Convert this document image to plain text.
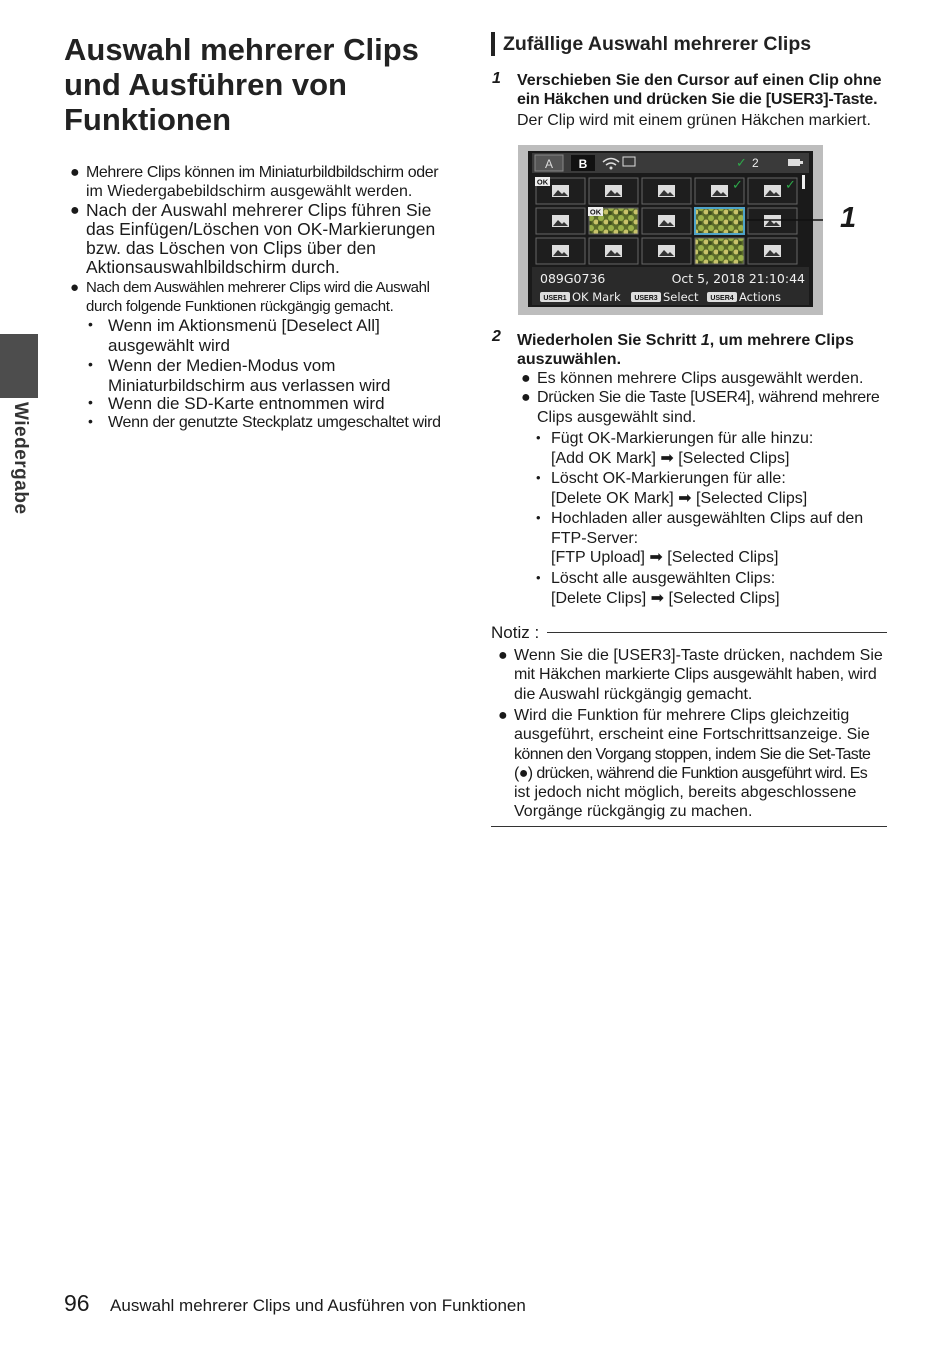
Auswahl mehrerer Clips
und Ausführen von
Funktionen
● Mehrere Clips können im Miniaturbildbildschirm oder
im Wiedergabebildschirm ausgewählt werden.
● Nach der Auswahl mehrerer Clips führen Sie
das Einfügen/Löschen von OK-Markierungen
bzw. das Löschen von Clips über den
Aktionsauswahlbildschirm durch.
● Nach dem Auswählen mehrerer Clips wird die Auswahl
durch folgende Funktionen rückgängig gemacht.
• Wenn im Aktionsmenü [Deselect All]
ausgewählt wird
• Wenn der Medien-Modus vom
Miniaturbildschirm aus verlassen wird
• Wenn die SD-Karte entnommen wird
• Wenn der genutzte Steckplatz umgeschaltet wird
Wiedergabe
Zufällige Auswahl mehrerer Clips
1 Verschieben Sie den Cursor auf einen Clip ohne
ein Häkchen und drücken Sie die [USER3]-Taste.
Der Clip wird mit einem grünen Häkchen markiert.
A B	✓ 2
OK	✓	✓
OK
089G0736	Oct 5, 2018 21:10:44
USER1 OK Mark USER3 Select USER4 Actions
1
2 Wiederholen Sie Schritt 1, um mehrere Clips
auszuwählen.
● Es können mehrere Clips ausgewählt werden.
● Drücken Sie die Taste [USER4], während mehrere
Clips ausgewählt sind.
• Fügt OK-Markierungen für alle hinzu:
[Add OK Mark] ➡ [Selected Clips]
• Löscht OK-Markierungen für alle:
[Delete OK Mark] ➡ [Selected Clips]
• Hochladen aller ausgewählten Clips auf den
FTP-Server:
[FTP Upload] ➡ [Selected Clips]
• Löscht alle ausgewählten Clips:
[Delete Clips] ➡ [Selected Clips]
Notiz :
● Wenn Sie die [USER3]-Taste drücken, nachdem Sie
mit Häkchen markierte Clips ausgewählt haben, wird
die Auswahl rückgängig gemacht.
● Wird die Funktion für mehrere Clips gleichzeitig
ausgeführt, erscheint eine Fortschrittsanzeige. Sie
können den Vorgang stoppen, indem Sie die Set-Taste
(●) drücken, während die Funktion ausgeführt wird. Es
ist jedoch nicht möglich, bereits abgeschlossene
Vorgänge rückgängig zu machen.
96 Auswahl mehrerer Clips und Ausführen von Funktionen
